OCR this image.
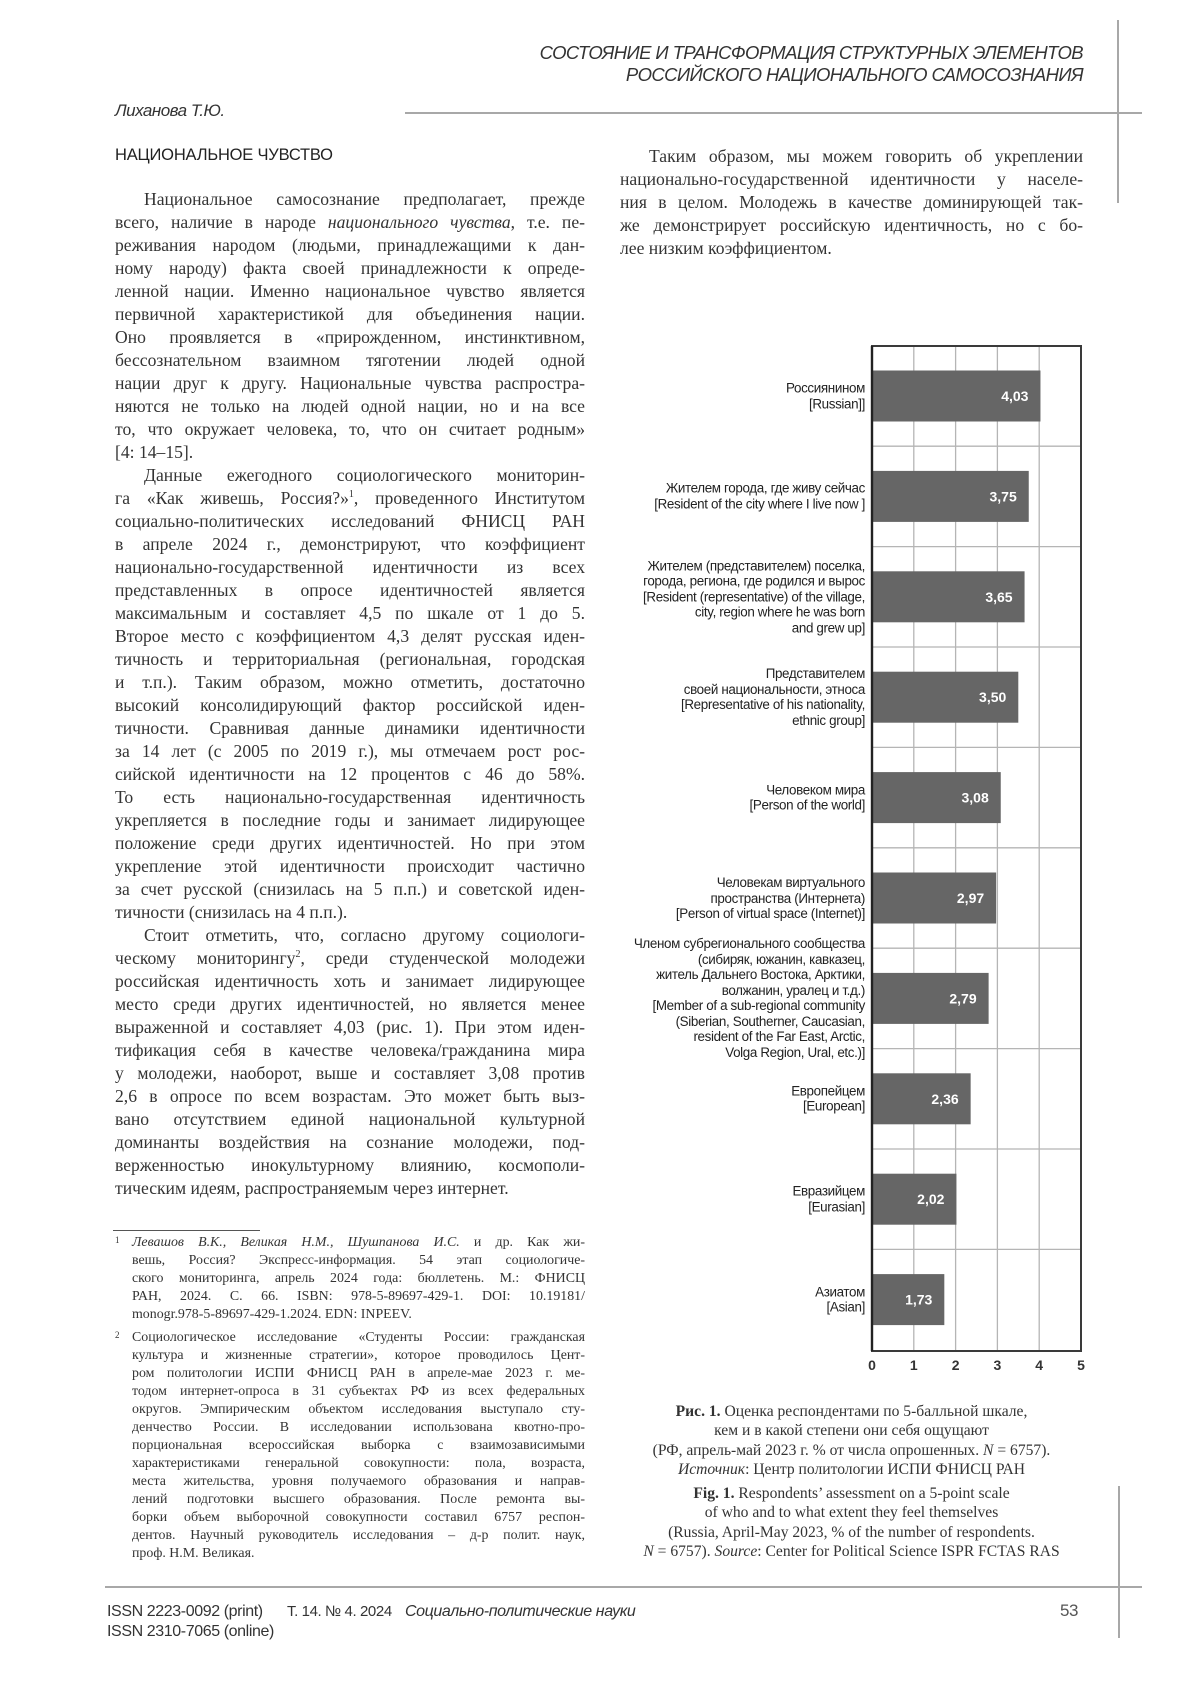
СОСТОЯНИЕ И ТРАНСФОРМАЦИЯ СТРУКТУРНЫХ ЭЛЕМЕНТОВ
РОССИЙСКОГО НАЦИОНАЛЬНОГО САМОСОЗНАНИЯ
Лиханова Т.Ю.
НАЦИОНАЛЬНОЕ ЧУВСТВО
Национальное самосознание предполагает, прежде
всего, наличие в народе национального чувства, т.е. пе-
реживания народом (людьми, принадлежащими к дан-
ному народу) факта своей принадлежности к опреде-
ленной нации. Именно национальное чувство является
первичной характеристикой для объединения нации.
Оно проявляется в «прирожденном, инстинктивном,
бессознательном взаимном тяготении людей одной
нации друг к другу. Национальные чувства распростра-
няются не только на людей одной нации, но и на все
то, что окружает человека, то, что он считает родным»
[4: 14–15].
Данные ежегодного социологического мониторин-
га «Как живешь, Россия?»1, проведенного Институтом
социально-политических исследований ФНИСЦ РАН
в апреле 2024 г., демонстрируют, что коэффициент
национально-государственной идентичности из всех
представленных в опросе идентичностей является
максимальным и составляет 4,5 по шкале от 1 до 5.
Второе место с коэффициентом 4,3 делят русская иден-
тичность и территориальная (региональная, городская
и т.п.). Таким образом, можно отметить, достаточно
высокий консолидирующий фактор российской иден-
тичности. Сравнивая данные динамики идентичности
за 14 лет (с 2005 по 2019 г.), мы отмечаем рост рос-
сийской идентичности на 12 процентов с 46 до 58%.
То есть национально-государственная идентичность
укрепляется в последние годы и занимает лидирующее
положение среди других идентичностей. Но при этом
укрепление этой идентичности происходит частично
за счет русской (снизилась на 5 п.п.) и советской иден-
тичности (снизилась на 4 п.п.).
Стоит отметить, что, согласно другому социологи-
ческому мониторингу2, среди студенческой молодежи
российская идентичность хоть и занимает лидирующее
место среди других идентичностей, но является менее
выраженной и составляет 4,03 (рис. 1). При этом иден-
тификация себя в качестве человека/гражданина мира
у молодежи, наоборот, выше и составляет 3,08 против
2,6 в опросе по всем возрастам. Это может быть выз-
вано отсутствием единой национальной культурной
доминанты воздействия на сознание молодежи, под-
верженностью инокультурному влиянию, космополи-
тическим идеям, распространяемым через интернет.
Таким образом, мы можем говорить об укреплении
национально-государственной идентичности у населе-
ния в целом. Молодежь в качестве доминирующей так-
же демонстрирует российскую идентичность, но с бо-
лее низким коэффициентом.
1 Левашов В.К., Великая Н.М., Шушпанова И.С. и др. Как жи-
вешь, Россия? Экспресс-информация. 54 этап социологиче-
ского мониторинга, апрель 2024 года: бюллетень. М.: ФНИСЦ
РАН, 2024. С. 66. ISBN: 978-5-89697-429-1. DOI: 10.19181/
monogr.978-5-89697-429-1.2024. EDN: INPEEV.
2 Социологическое исследование «Студенты России: гражданская
культура и жизненные стратегии», которое проводилось Цент-
ром политологии ИСПИ ФНИСЦ РАН в апреле-мае 2023 г. ме-
тодом интернет-опроса в 31 субъектах РФ из всех федеральных
округов. Эмпирическим объектом исследования выступало сту-
денчество России. В исследовании использована квотно-про-
порциональная всероссийская выборка с взаимозависимыми
характеристиками генеральной совокупности: пола, возраста,
места жительства, уровня получаемого образования и направ-
лений подготовки высшего образования. После ремонта вы-
борки объем выборочной совокупности составил 6757 респон-
дентов. Научный руководитель исследования – д-р полит. наук,
проф. Н.М. Великая.
4,03
3,75
3,65
3,50
3,08
2,97
2,79
2,36
2,02
1,73
0 1 2 3 4 5
Россиянином
[Russian]]
Жителем города, где живу сейчас
[Resident of the city where I live now ]
Жителем (представителем) поселка,
города, региона, где родился и вырос
[Resident (representative) of the village,
city, region where he was born
and grew up]
Представителем
своей национальности, этноса
[Representative of his nationality,
ethnic group]
Человеком мира
[Person of the world]
Человекам виртуального
пространства (Интернета)
[Person of virtual space (Internet)]
Членом субрегионального сообщества
(сибиряк, южанин, кавказец,
житель Дальнего Востока, Арктики,
волжанин, уралец и т.д.)
[Member of a sub-regional community
(Siberian, Southerner, Caucasian,
resident of the Far East, Arctic,
Volga Region, Ural, etc.)]
Европейцем
[European]
Евразийцем
[Eurasian]
Азиатом
[Asian]
Рис. 1. Оценка респондентами по 5-балльной шкале,
кем и в какой степени они себя ощущают
(РФ, апрель-май 2023 г. % от числа опрошенных. N = 6757).
Источник: Центр политологии ИСПИ ФНИСЦ РАН
Fig. 1. Respondents’ assessment on a 5-point scale
of who and to what extent they feel themselves
(Russia, April-May 2023, % of the number of respondents.
N = 6757). Source: Center for Political Science ISPR FCTAS RAS
ISSN 2223-0092 (print)
ISSN 2310-7065 (online)
Т. 14. № 4. 2024 Социально-политические науки	53
